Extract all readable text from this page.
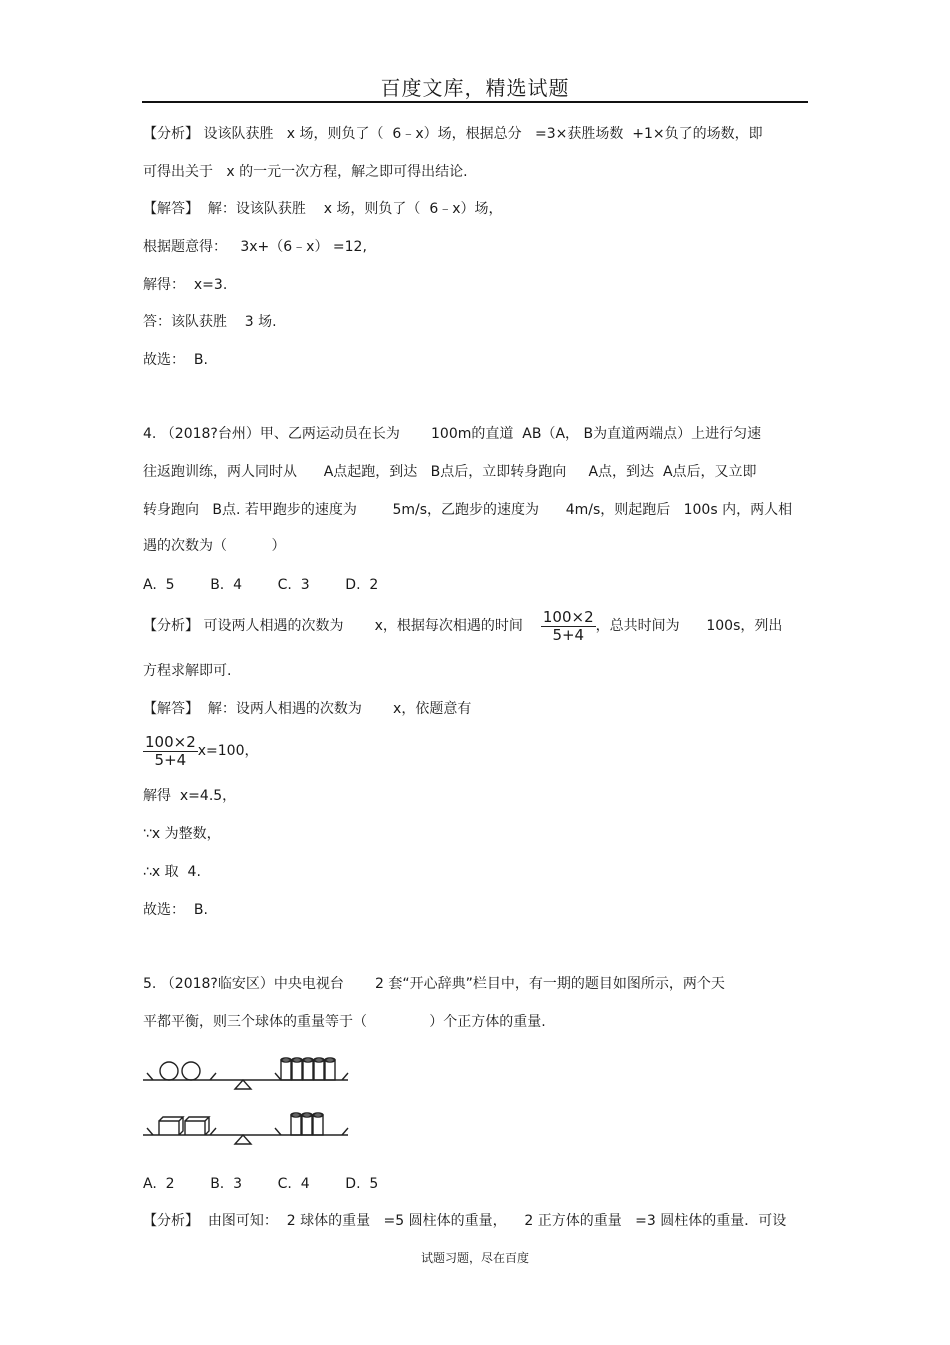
百度文库，精选试题
【分析】 设该队获胜   x 场，则负了（  6﹣x）场，根据总分   =3×获胜场数  +1×负了的场数，即
可得出关于   x 的一元一次方程，解之即可得出结论.
【解答】  解：设该队获胜    x 场，则负了（  6﹣x）场，
根据题意得：   3x+（6﹣x） =12,
解得：  x=3.
答：该队获胜    3 场.
故选：  B.
4. （2018?台州）甲、乙两运动员在长为       100m的直道  AB（A， B为直道两端点）上进行匀速
往返跑训练，两人同时从      A点起跑，到达   B点后，立即转身跑向     A点，到达  A点后，又立即
转身跑向   B点. 若甲跑步的速度为        5m/s，乙跑步的速度为      4m/s，则起跑后   100s 内，两人相
遇的次数为（          ）
A.  5        B.  4        C.  3        D.  2
【分析】 可设两人相遇的次数为       x，根据每次相遇的时间 $\frac{100\times 2}{5+4}$ ，总共时间为      100s，列出
方程求解即可.
【解答】  解：设两人相遇的次数为       x，依题意有
$\frac{100\times 2}{5+4} x=100$，
解得  x=4.5，
∵x 为整数，
∴x 取  4.
故选：  B.
5. （2018?临安区）中央电视台       2 套“开心辞典”栏目中，有一期的题目如图所示，两个天
平都平衡，则三个球体的重量等于（              ）个正方体的重量.
A.  2        B.  3        C.  4        D.  5
【分析】  由图可知：  2 球体的重量   =5 圆柱体的重量，    2 正方体的重量   =3 圆柱体的重量．可设
试题习题，尽在百度
